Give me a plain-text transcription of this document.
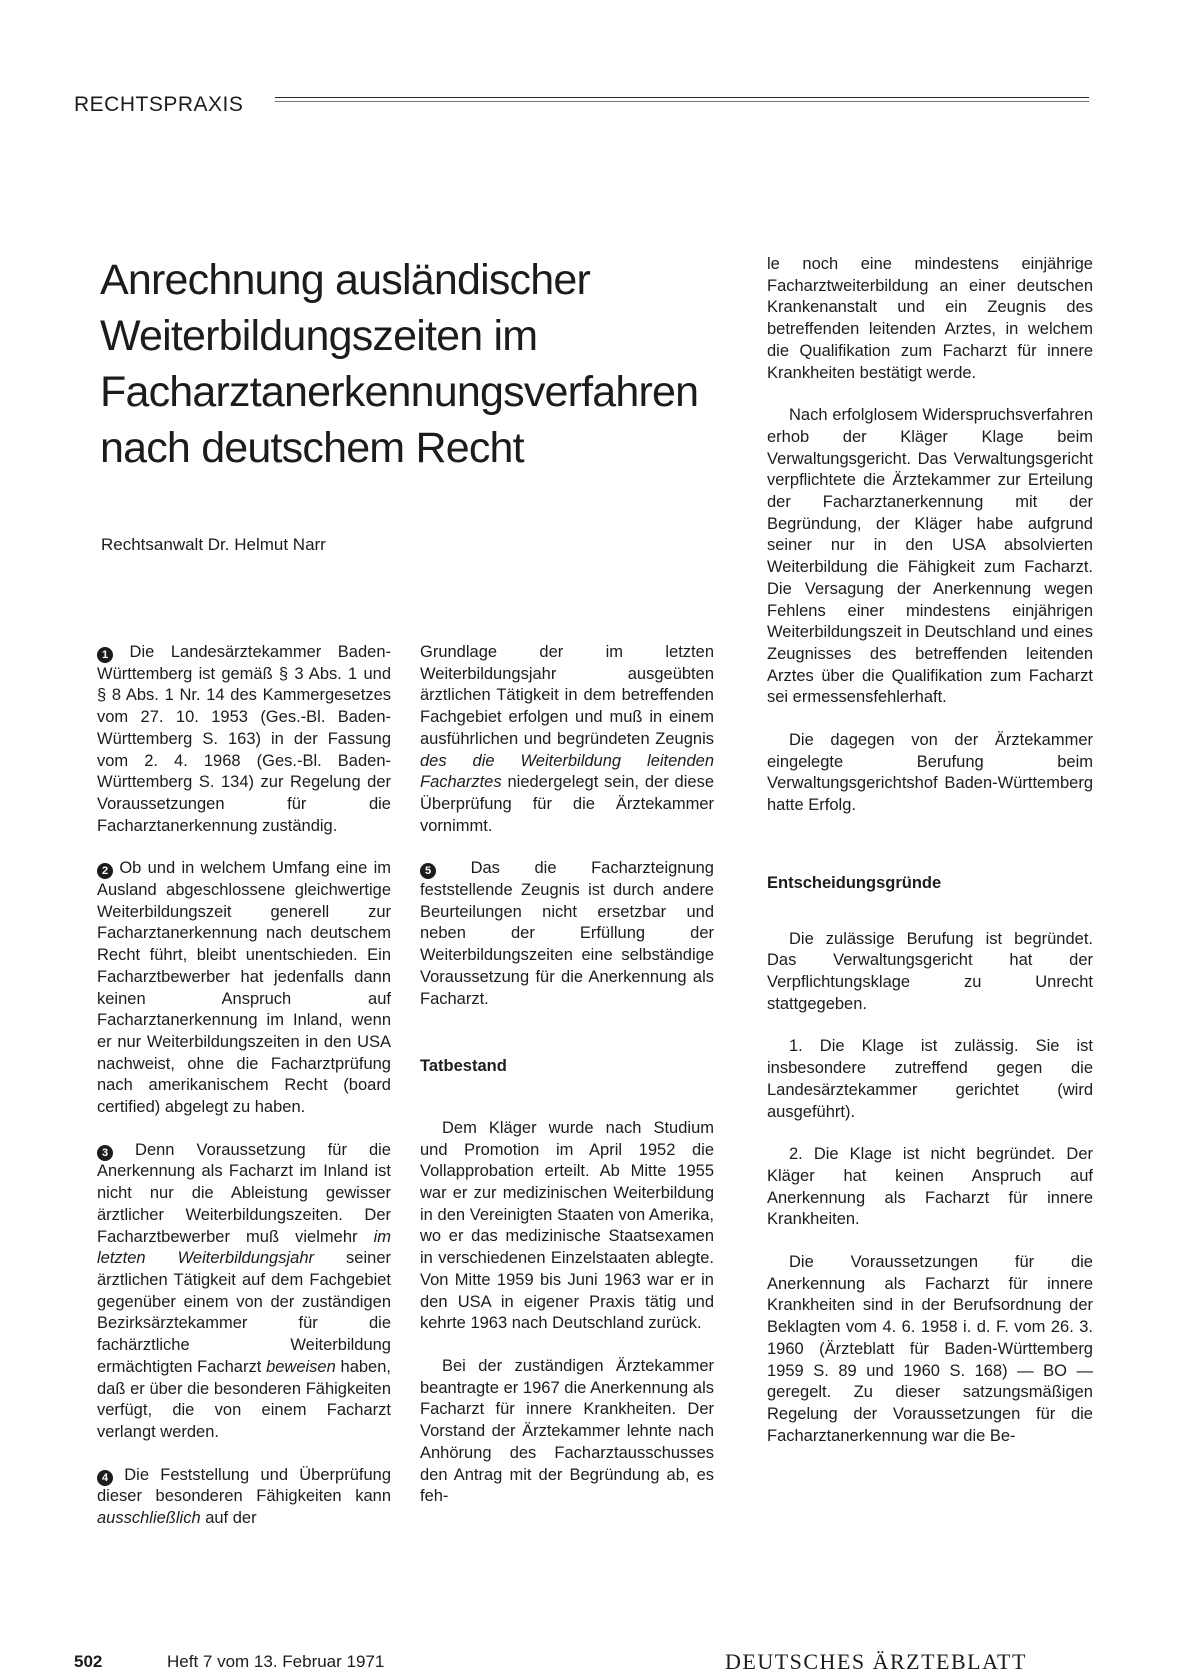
RECHTSPRAXIS
Anrechnung ausländischer
Weiterbildungszeiten im
Facharztanerkennungsverfahren
nach deutschem Recht
Rechtsanwalt Dr. Helmut Narr

1 Die Landesärztekammer Baden-Württemberg ist gemäß § 3 Abs. 1 und § 8 Abs. 1 Nr. 14 des Kammergesetzes vom 27. 10. 1953 (Ges.-Bl. Baden-Württemberg S. 163) in der Fassung vom 2. 4. 1968 (Ges.-Bl. Baden-Württemberg S. 134) zur Regelung der Voraussetzungen für die Facharztanerkennung zuständig.

2 Ob und in welchem Umfang eine im Ausland abgeschlossene gleichwertige Weiterbildungszeit generell zur Facharztanerkennung nach deutschem Recht führt, bleibt unentschieden. Ein Facharztbewerber hat jedenfalls dann keinen Anspruch auf Facharztanerkennung im Inland, wenn er nur Weiterbildungszeiten in den USA nachweist, ohne die Facharztprüfung nach amerikanischem Recht (board certified) abgelegt zu haben.

3 Denn Voraussetzung für die Anerkennung als Facharzt im Inland ist nicht nur die Ableistung gewisser ärztlicher Weiterbildungszeiten. Der Facharztbewerber muß vielmehr im letzten Weiterbildungsjahr seiner ärztlichen Tätigkeit auf dem Fachgebiet gegenüber einem von der zuständigen Bezirksärztekammer für die fachärztliche Weiterbildung ermächtigten Facharzt beweisen haben, daß er über die besonderen Fähigkeiten verfügt, die von einem Facharzt verlangt werden.

4 Die Feststellung und Überprüfung dieser besonderen Fähigkeiten kann ausschließlich auf der

Grundlage der im letzten Weiterbildungsjahr ausgeübten ärztlichen Tätigkeit in dem betreffenden Fachgebiet erfolgen und muß in einem ausführlichen und begründeten Zeugnis des die Weiterbildung leitenden Facharztes niedergelegt sein, der diese Überprüfung für die Ärztekammer vornimmt.

5 Das die Facharzteignung feststellende Zeugnis ist durch andere Beurteilungen nicht ersetzbar und neben der Erfüllung der Weiterbildungszeiten eine selbständige Voraussetzung für die Anerkennung als Facharzt.

Tatbestand

Dem Kläger wurde nach Studium und Promotion im April 1952 die Vollapprobation erteilt. Ab Mitte 1955 war er zur medizinischen Weiterbildung in den Vereinigten Staaten von Amerika, wo er das medizinische Staatsexamen in verschiedenen Einzelstaaten ablegte. Von Mitte 1959 bis Juni 1963 war er in den USA in eigener Praxis tätig und kehrte 1963 nach Deutschland zurück.

Bei der zuständigen Ärztekammer beantragte er 1967 die Anerkennung als Facharzt für innere Krankheiten. Der Vorstand der Ärztekammer lehnte nach Anhörung des Facharztausschusses den Antrag mit der Begründung ab, es feh-

le noch eine mindestens einjährige Facharztweiterbildung an einer deutschen Krankenanstalt und ein Zeugnis des betreffenden leitenden Arztes, in welchem die Qualifikation zum Facharzt für innere Krankheiten bestätigt werde.

Nach erfolglosem Widerspruchsverfahren erhob der Kläger Klage beim Verwaltungsgericht. Das Verwaltungsgericht verpflichtete die Ärztekammer zur Erteilung der Facharztanerkennung mit der Begründung, der Kläger habe aufgrund seiner nur in den USA absolvierten Weiterbildung die Fähigkeit zum Facharzt. Die Versagung der Anerkennung wegen Fehlens einer mindestens einjährigen Weiterbildungszeit in Deutschland und eines Zeugnisses des betreffenden leitenden Arztes über die Qualifikation zum Facharzt sei ermessensfehlerhaft.

Die dagegen von der Ärztekammer eingelegte Berufung beim Verwaltungsgerichtshof Baden-Württemberg hatte Erfolg.

Entscheidungsgründe

Die zulässige Berufung ist begründet. Das Verwaltungsgericht hat der Verpflichtungsklage zu Unrecht stattgegeben.

1. Die Klage ist zulässig. Sie ist insbesondere zutreffend gegen die Landesärztekammer gerichtet (wird ausgeführt).

2. Die Klage ist nicht begründet. Der Kläger hat keinen Anspruch auf Anerkennung als Facharzt für innere Krankheiten.

Die Voraussetzungen für die Anerkennung als Facharzt für innere Krankheiten sind in der Berufsordnung der Beklagten vom 4. 6. 1958 i. d. F. vom 26. 3. 1960 (Ärzteblatt für Baden-Württemberg 1959 S. 89 und 1960 S. 168) — BO — geregelt. Zu dieser satzungsmäßigen Regelung der Voraussetzungen für die Facharztanerkennung war die Be-

502	Heft 7 vom 13. Februar 1971	DEUTSCHES ÄRZTEBLATT
